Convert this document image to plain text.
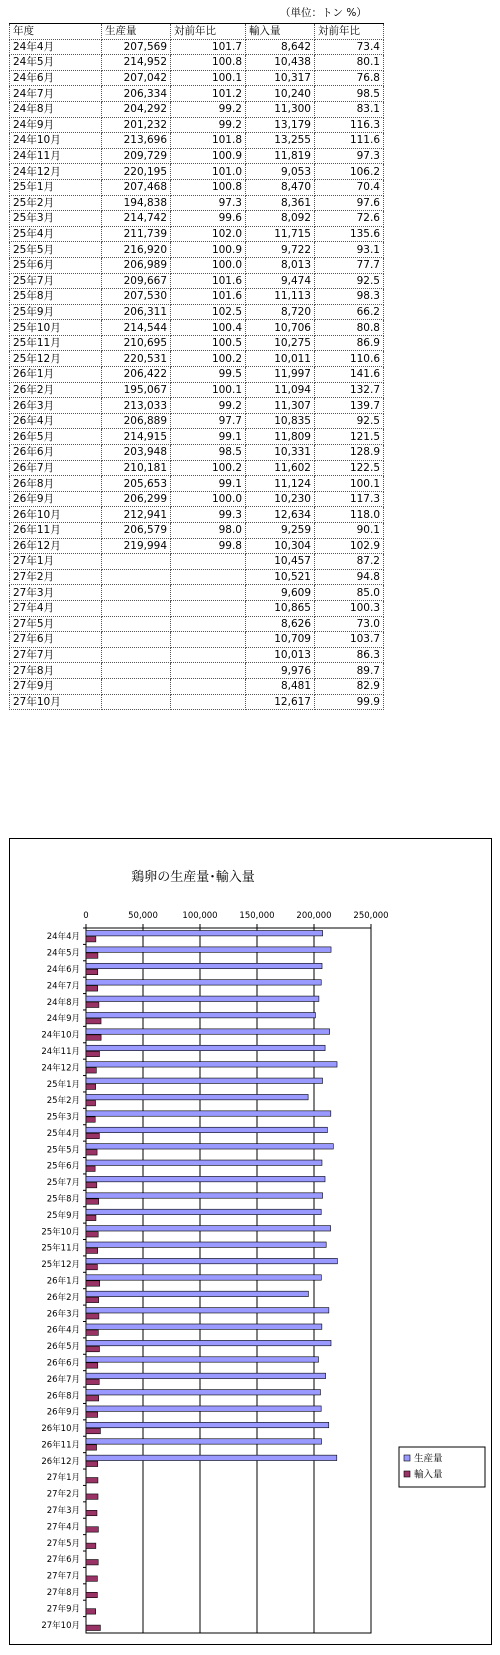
（単位：トン %）
年度	生産量	対前年比	輸入量	対前年比
24年4月	207,569	101.7	8,642	73.4
24年5月	214,952	100.8	10,438	80.1
24年6月	207,042	100.1	10,317	76.8
24年7月	206,334	101.2	10,240	98.5
24年8月	204,292	99.2	11,300	83.1
24年9月	201,232	99.2	13,179	116.3
24年10月	213,696	101.8	13,255	111.6
24年11月	209,729	100.9	11,819	97.3
24年12月	220,195	101.0	9,053	106.2
25年1月	207,468	100.8	8,470	70.4
25年2月	194,838	97.3	8,361	97.6
25年3月	214,742	99.6	8,092	72.6
25年4月	211,739	102.0	11,715	135.6
25年5月	216,920	100.9	9,722	93.1
25年6月	206,989	100.0	8,013	77.7
25年7月	209,667	101.6	9,474	92.5
25年8月	207,530	101.6	11,113	98.3
25年9月	206,311	102.5	8,720	66.2
25年10月	214,544	100.4	10,706	80.8
25年11月	210,695	100.5	10,275	86.9
25年12月	220,531	100.2	10,011	110.6
26年1月	206,422	99.5	11,997	141.6
26年2月	195,067	100.1	11,094	132.7
26年3月	213,033	99.2	11,307	139.7
26年4月	206,889	97.7	10,835	92.5
26年5月	214,915	99.1	11,809	121.5
26年6月	203,948	98.5	10,331	128.9
26年7月	210,181	100.2	11,602	122.5
26年8月	205,653	99.1	11,124	100.1
26年9月	206,299	100.0	10,230	117.3
26年10月	212,941	99.3	12,634	118.0
26年11月	206,579	98.0	9,259	90.1
26年12月	219,994	99.8	10,304	102.9
27年1月			10,457	87.2
27年2月			10,521	94.8
27年3月			9,609	85.0
27年4月			10,865	100.3
27年5月			8,626	73.0
27年6月			10,709	103.7
27年7月			10,013	86.3
27年8月			9,976	89.7
27年9月			8,481	82.9
27年10月			12,617	99.9
鶏卵の生産量･輸入量
0	50,000	100,000	150,000	200,000	250,000
24年4月
24年5月
24年6月
24年7月
24年8月
24年9月
24年10月
24年11月
24年12月
25年1月
25年2月
25年3月
25年4月
25年5月
25年6月
25年7月
25年8月
25年9月
25年10月
25年11月
25年12月
26年1月
26年2月
26年3月
26年4月
26年5月
26年6月
26年7月
26年8月
26年9月
26年10月
26年11月
26年12月
27年1月
27年2月
27年3月
27年4月
27年5月
27年6月
27年7月
27年8月
27年9月
27年10月
生産量
輸入量
